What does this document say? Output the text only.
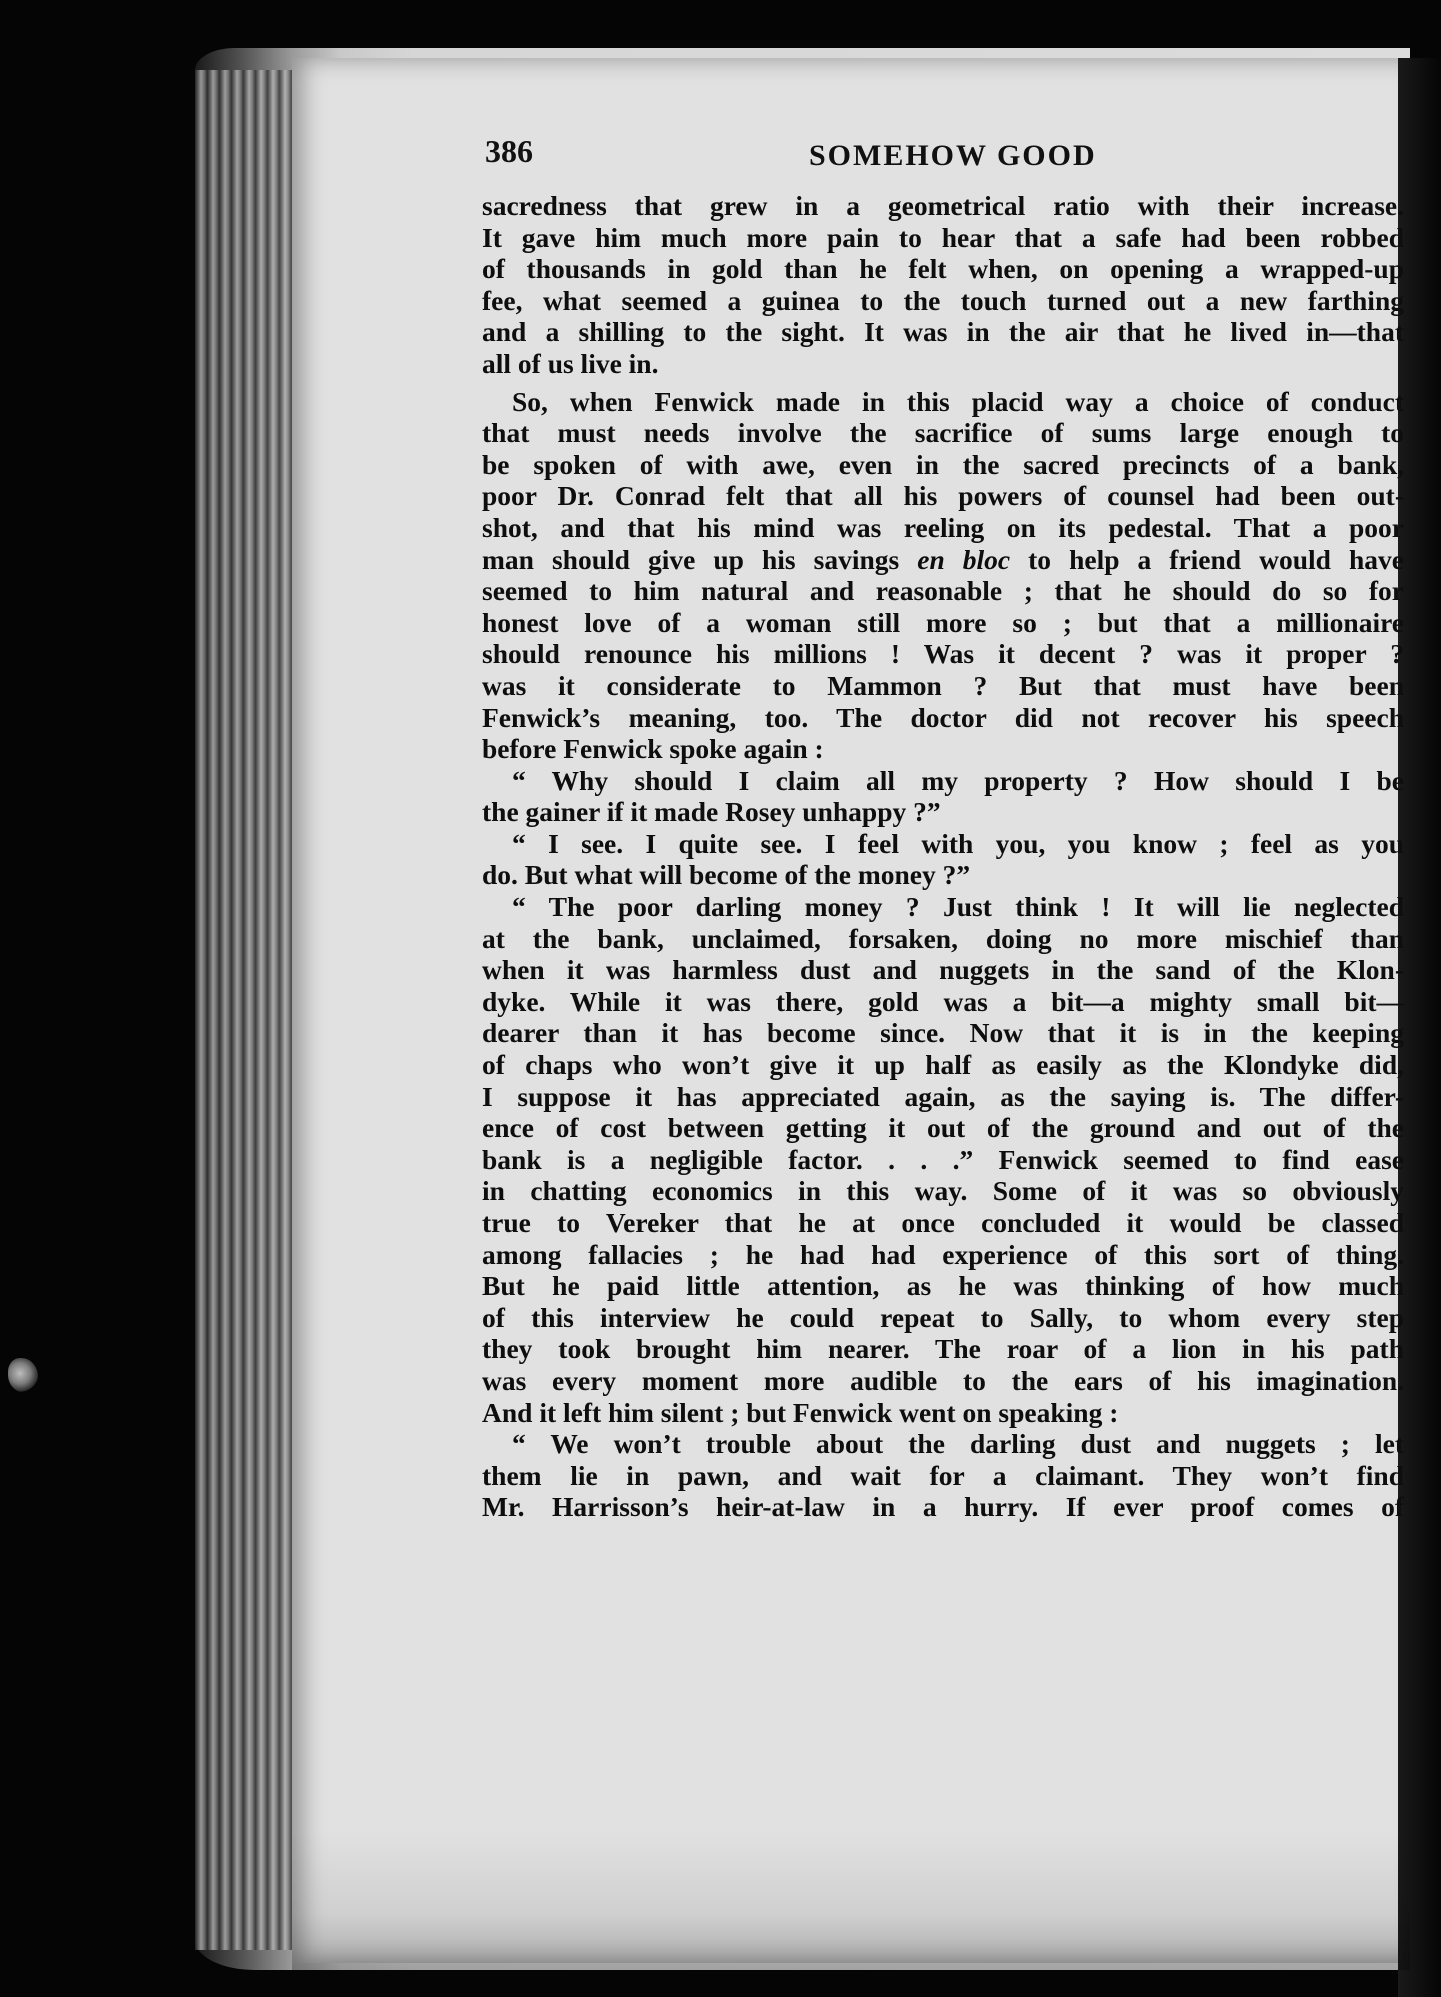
386	SOMEHOW GOOD
sacredness that grew in a geometrical ratio with their increase.
It gave him much more pain to hear that a safe had been robbed
of thousands in gold than he felt when, on opening a wrapped-up
fee, what seemed a guinea to the touch turned out a new farthing
and a shilling to the sight. It was in the air that he lived in—that
all of us live in.
So, when Fenwick made in this placid way a choice of conduct
that must needs involve the sacrifice of sums large enough to
be spoken of with awe, even in the sacred precincts of a bank,
poor Dr. Conrad felt that all his powers of counsel had been out-
shot, and that his mind was reeling on its pedestal. That a poor
man should give up his savings en bloc to help a friend would have
seemed to him natural and reasonable ; that he should do so for
honest love of a woman still more so ; but that a millionaire
should renounce his millions ! Was it decent ? was it proper ?
was it considerate to Mammon ? But that must have been
Fenwick’s meaning, too. The doctor did not recover his speech
before Fenwick spoke again :
“ Why should I claim all my property ? How should I be
the gainer if it made Rosey unhappy ?”
“ I see. I quite see. I feel with you, you know ; feel as you
do. But what will become of the money ?”
“ The poor darling money ? Just think ! It will lie neglected
at the bank, unclaimed, forsaken, doing no more mischief than
when it was harmless dust and nuggets in the sand of the Klon-
dyke. While it was there, gold was a bit—a mighty small bit—
dearer than it has become since. Now that it is in the keeping
of chaps who won’t give it up half as easily as the Klondyke did,
I suppose it has appreciated again, as the saying is. The differ-
ence of cost between getting it out of the ground and out of the
bank is a negligible factor. . . .” Fenwick seemed to find ease
in chatting economics in this way. Some of it was so obviously
true to Vereker that he at once concluded it would be classed
among fallacies ; he had had experience of this sort of thing.
But he paid little attention, as he was thinking of how much
of this interview he could repeat to Sally, to whom every step
they took brought him nearer. The roar of a lion in his path
was every moment more audible to the ears of his imagination.
And it left him silent ; but Fenwick went on speaking :
“ We won’t trouble about the darling dust and nuggets ; let
them lie in pawn, and wait for a claimant. They won’t find
Mr. Harrisson’s heir-at-law in a hurry. If ever proof comes of
